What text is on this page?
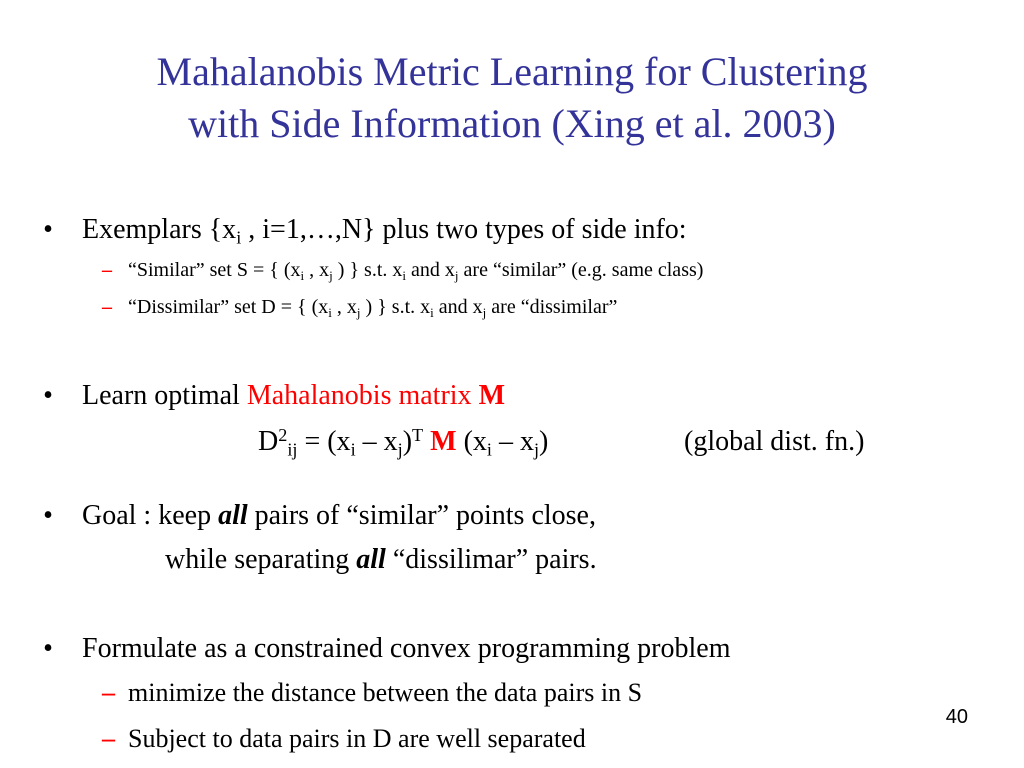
Mahalanobis Metric Learning for Clustering
with Side Information (Xing et al. 2003)
• Exemplars {$x_i$ , i=1,…,N} plus two types of side info:
– “Similar” set S = { ($x_i$ , $x_j$ ) } s.t. $x_i$ and $x_j$ are “similar” (e.g. same class)
– “Dissimilar” set D = { ($x_i$ , $x_j$ ) } s.t. $x_i$ and $x_j$ are “dissimilar”
• Learn optimal Mahalanobis matrix M
$D^2_{ij} = (x_i - x_j)^T$ M $(x_i - x_j)$	(global dist. fn.)
• Goal : keep all pairs of “similar” points close,
while separating all “dissilimar” pairs.
• Formulate as a constrained convex programming problem
– minimize the distance between the data pairs in S
– Subject to data pairs in D are well separated
40
